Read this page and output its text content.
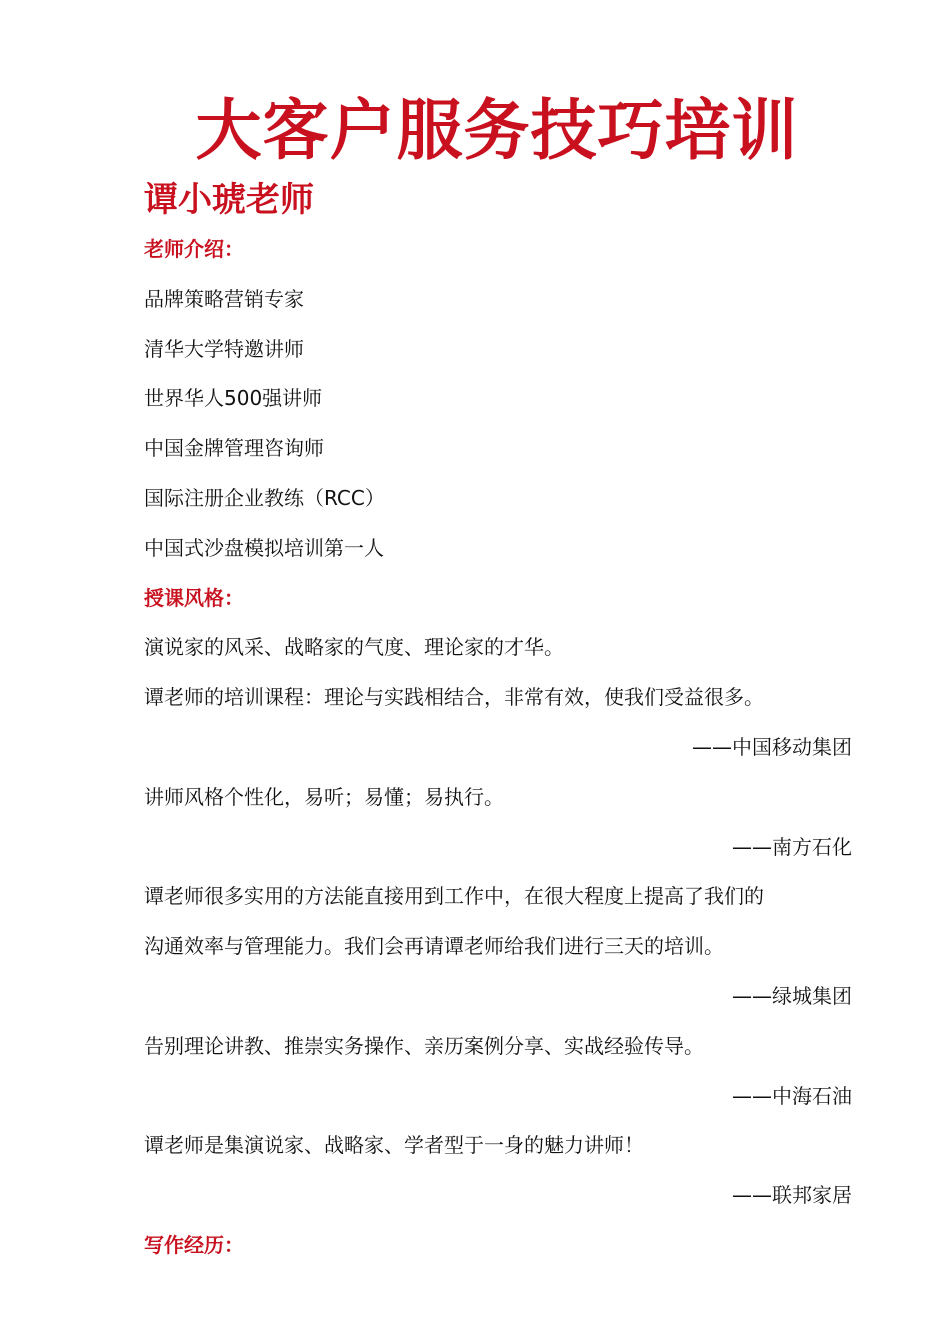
大客户服务技巧培训
谭小琥老师
老师介绍：
品牌策略营销专家
清华大学特邀讲师
世界华人500强讲师
中国金牌管理咨询师
国际注册企业教练（RCC）
中国式沙盘模拟培训第一人
授课风格：
演说家的风采、战略家的气度、理论家的才华。
谭老师的培训课程：理论与实践相结合，非常有效，使我们受益很多。
——中国移动集团
讲师风格个性化，易听；易懂；易执行。
——南方石化
谭老师很多实用的方法能直接用到工作中，在很大程度上提高了我们的
沟通效率与管理能力。我们会再请谭老师给我们进行三天的培训。
——绿城集团
告别理论讲教、推崇实务操作、亲历案例分享、实战经验传导。
——中海石油
谭老师是集演说家、战略家、学者型于一身的魅力讲师！
——联邦家居
写作经历：
